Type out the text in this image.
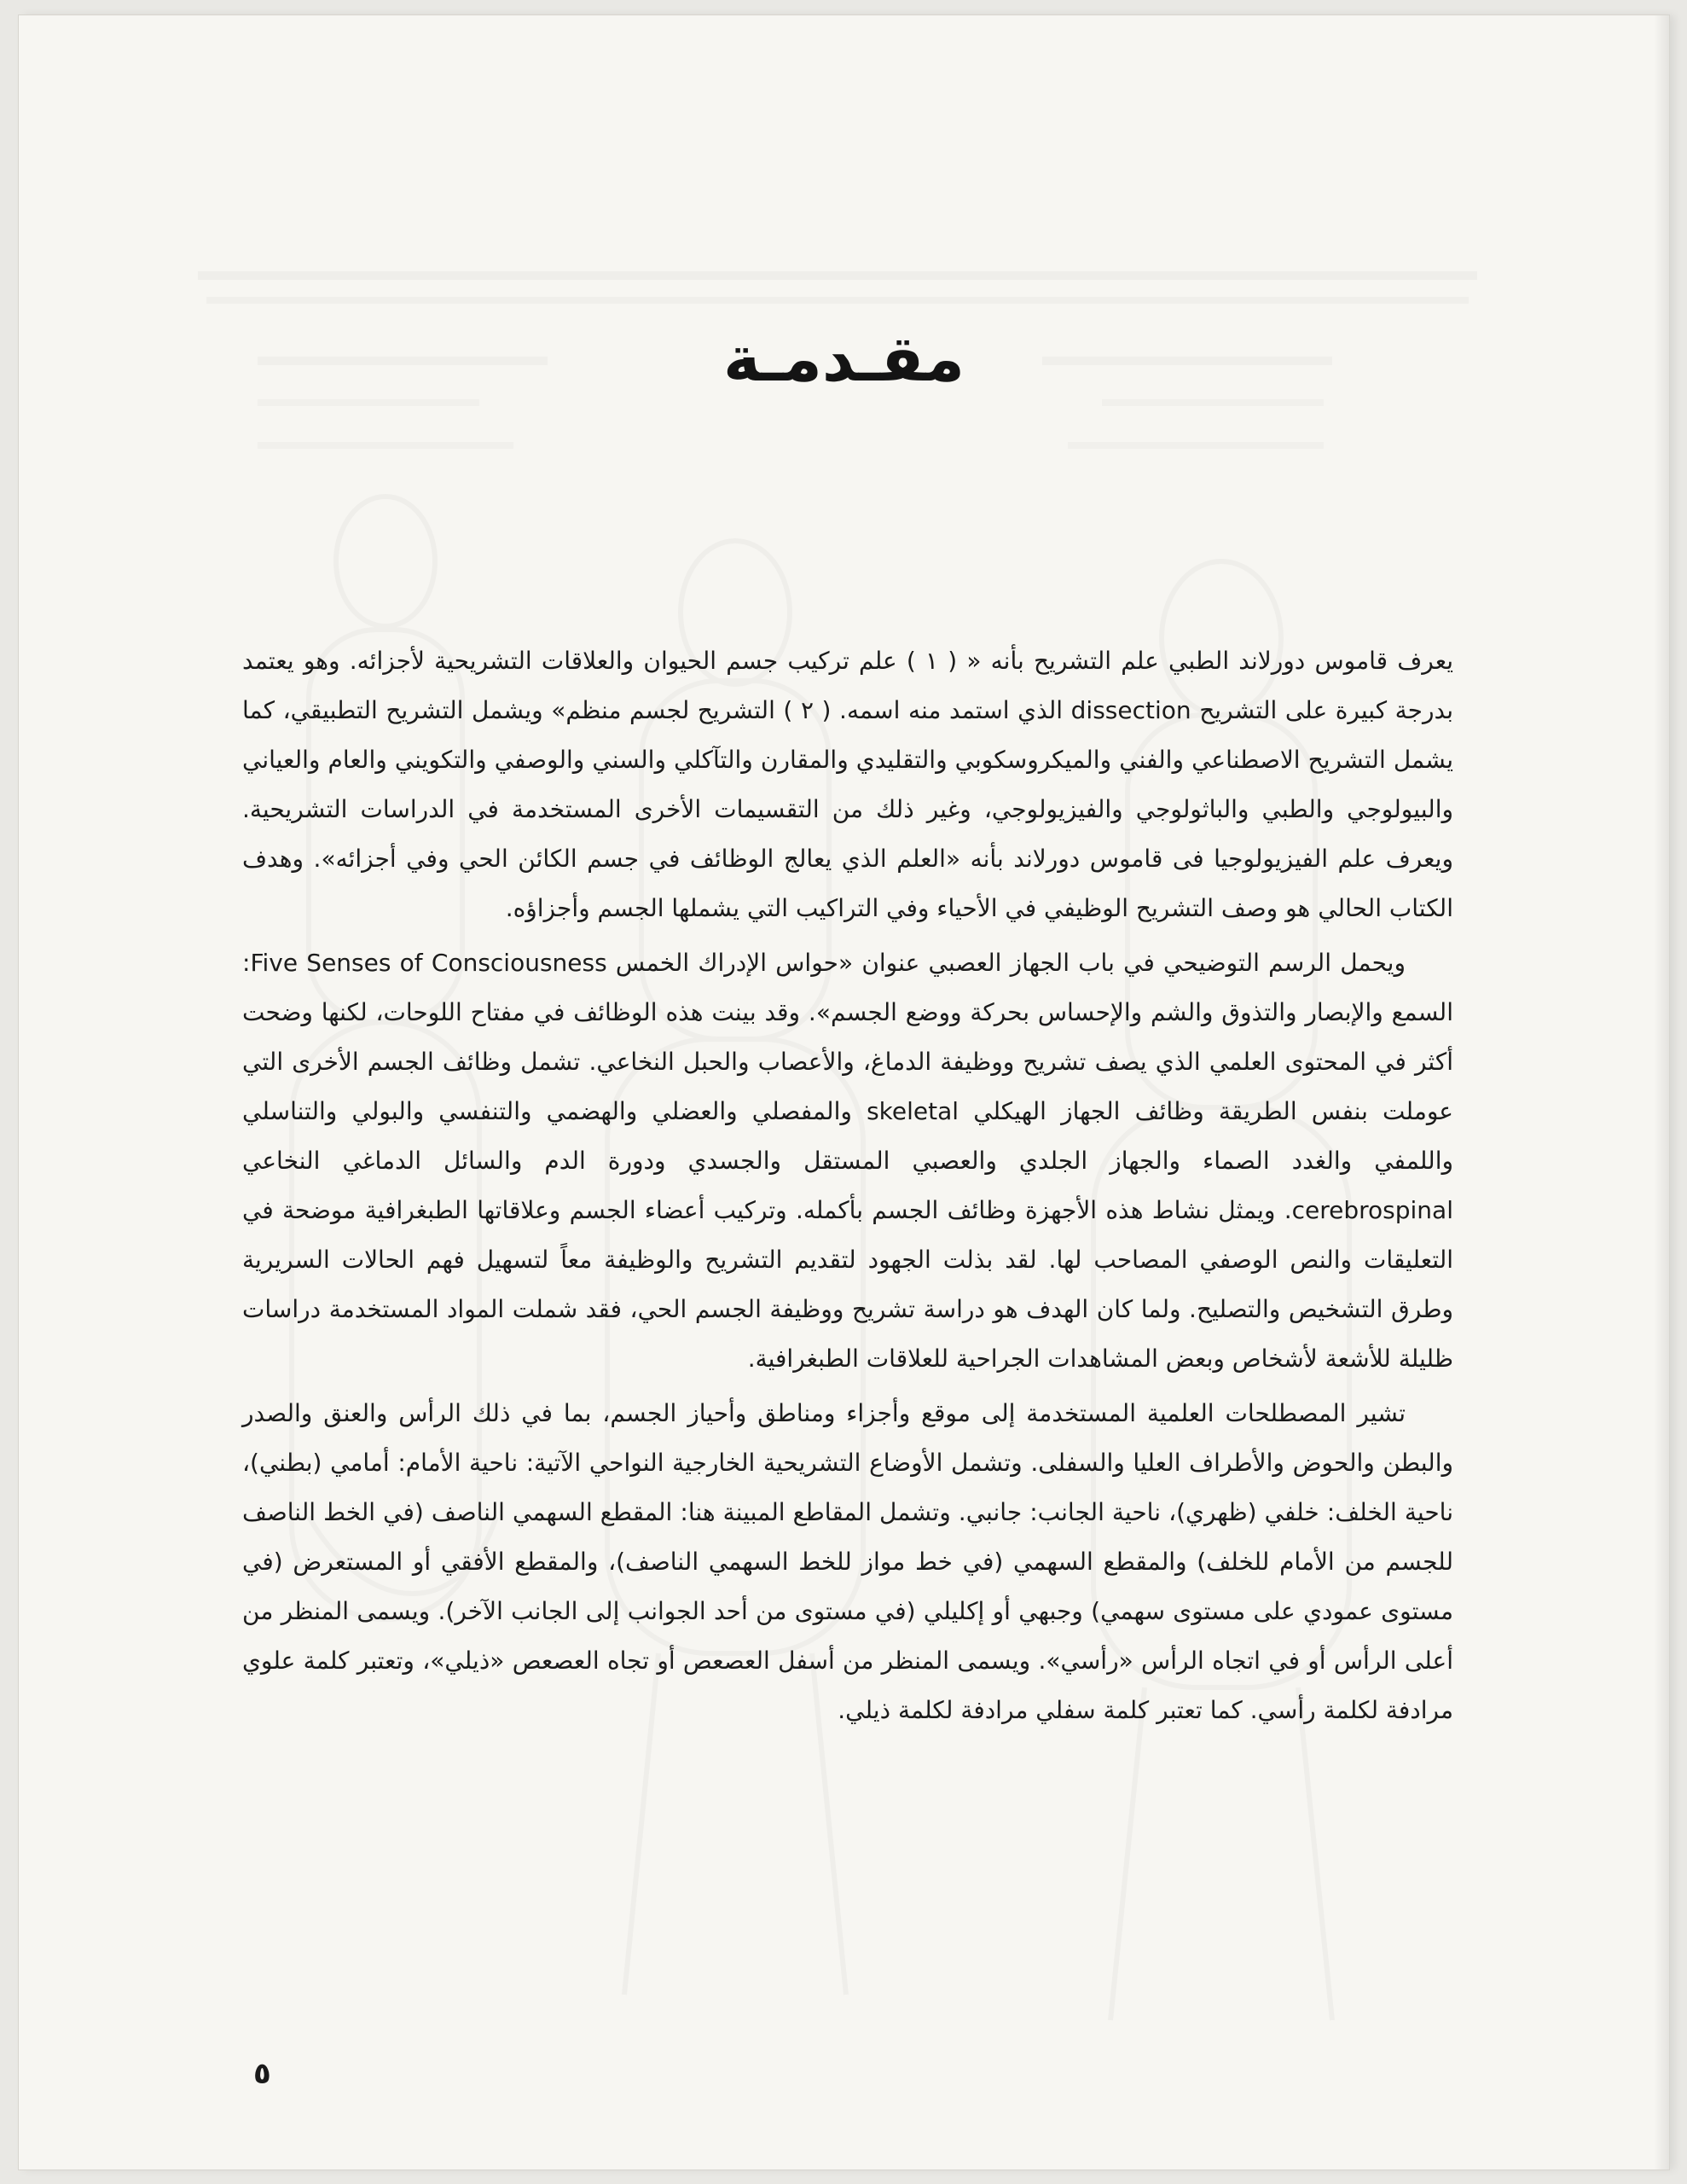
مقـدمـة

يعرف قاموس دورلاند الطبي علم التشريح بأنه « ( ١ ) علم تركيب جسم الحيوان والعلاقات التشريحية لأجزائه. وهو يعتمد بدرجة كبيرة على التشريح dissection الذي استمد منه اسمه. ( ٢ ) التشريح لجسم منظم» ويشمل التشريح التطبيقي، كما يشمل التشريح الاصطناعي والفني والميكروسكوبي والتقليدي والمقارن والتآكلي والسني والوصفي والتكويني والعام والعياني والبيولوجي والطبي والباثولوجي والفيزيولوجي، وغير ذلك من التقسيمات الأخرى المستخدمة في الدراسات التشريحية. ويعرف علم الفيزيولوجيا فى قاموس دورلاند بأنه «العلم الذي يعالج الوظائف في جسم الكائن الحي وفي أجزائه». وهدف الكتاب الحالي هو وصف التشريح الوظيفي في الأحياء وفي التراكيب التي يشملها الجسم وأجزاؤه.

ويحمل الرسم التوضيحي في باب الجهاز العصبي عنوان «حواس الإدراك الخمس Five Senses of Consciousness: السمع والإبصار والتذوق والشم والإحساس بحركة ووضع الجسم». وقد بينت هذه الوظائف في مفتاح اللوحات، لكنها وضحت أكثر في المحتوى العلمي الذي يصف تشريح ووظيفة الدماغ، والأعصاب والحبل النخاعي. تشمل وظائف الجسم الأخرى التي عوملت بنفس الطريقة وظائف الجهاز الهيكلي skeletal والمفصلي والعضلي والهضمي والتنفسي والبولي والتناسلي واللمفي والغدد الصماء والجهاز الجلدي والعصبي المستقل والجسدي ودورة الدم والسائل الدماغي النخاعي cerebrospinal. ويمثل نشاط هذه الأجهزة وظائف الجسم بأكمله. وتركيب أعضاء الجسم وعلاقاتها الطبغرافية موضحة في التعليقات والنص الوصفي المصاحب لها. لقد بذلت الجهود لتقديم التشريح والوظيفة معاً لتسهيل فهم الحالات السريرية وطرق التشخيص والتصليح. ولما كان الهدف هو دراسة تشريح ووظيفة الجسم الحي، فقد شملت المواد المستخدمة دراسات ظليلة للأشعة لأشخاص وبعض المشاهدات الجراحية للعلاقات الطبغرافية.

تشير المصطلحات العلمية المستخدمة إلى موقع وأجزاء ومناطق وأحياز الجسم، بما في ذلك الرأس والعنق والصدر والبطن والحوض والأطراف العليا والسفلى. وتشمل الأوضاع التشريحية الخارجية النواحي الآتية: ناحية الأمام: أمامي (بطني)، ناحية الخلف: خلفي (ظهري)، ناحية الجانب: جانبي. وتشمل المقاطع المبينة هنا: المقطع السهمي الناصف (في الخط الناصف للجسم من الأمام للخلف) والمقطع السهمي (في خط مواز للخط السهمي الناصف)، والمقطع الأفقي أو المستعرض (في مستوى عمودي على مستوى سهمي) وجبهي أو إكليلي (في مستوى من أحد الجوانب إلى الجانب الآخر). ويسمى المنظر من أعلى الرأس أو في اتجاه الرأس «رأسي». ويسمى المنظر من أسفل العصعص أو تجاه العصعص «ذيلي»، وتعتبر كلمة علوي مرادفة لكلمة رأسي. كما تعتبر كلمة سفلي مرادفة لكلمة ذيلي.

٥
